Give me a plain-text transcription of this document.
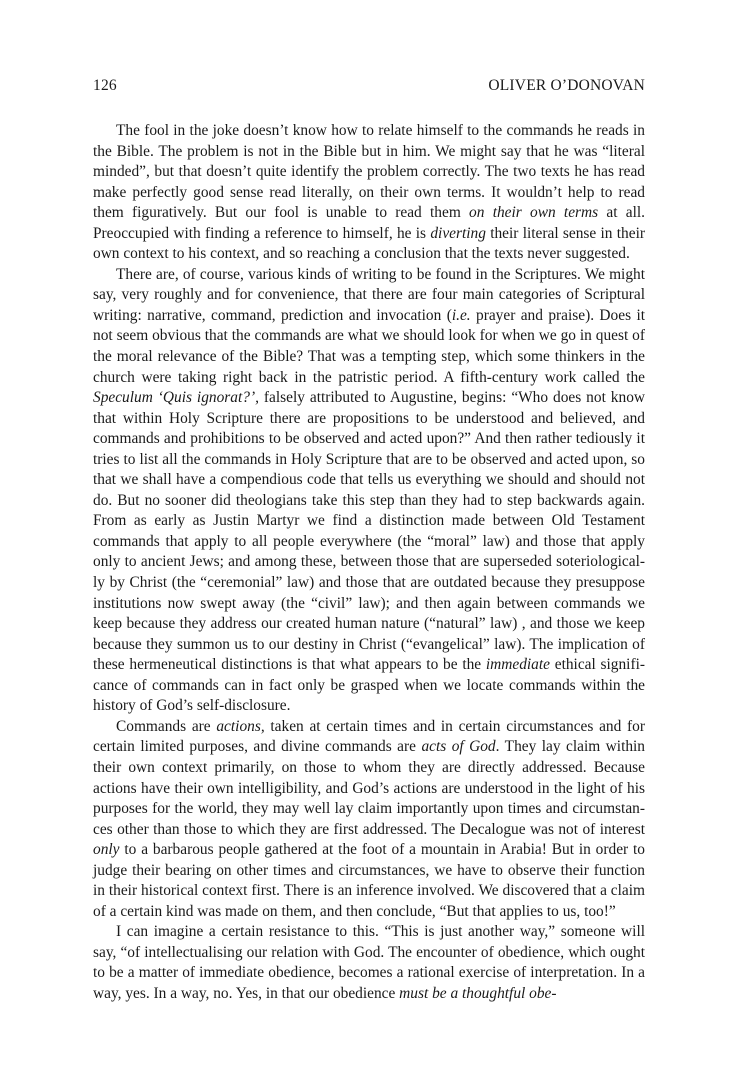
126	OLIVER O’DONOVAN

The fool in the joke doesn’t know how to relate himself to the commands he reads in the Bible. The problem is not in the Bible but in him. We might say that he was “literal minded”, but that doesn’t quite identify the problem correctly. The two texts he has read make perfectly good sense read literally, on their own terms. It wouldn’t help to read them figuratively. But our fool is unable to read them on their own terms at all. Preoccupied with finding a reference to himself, he is diverting their literal sense in their own context to his context, and so reaching a conclusion that the texts never suggested.

There are, of course, various kinds of writing to be found in the Scriptures. We might say, very roughly and for convenience, that there are four main categories of Scriptural writing: narrative, command, prediction and invocation (i.e. prayer and praise). Does it not seem obvious that the commands are what we should look for when we go in quest of the moral relevance of the Bible? That was a tempting step, which some thinkers in the church were taking right back in the patristic period. A fifth-century work called the Speculum ‘Quis ignorat?’, falsely attributed to Augustine, begins: “Who does not know that within Holy Scripture there are propositions to be understood and believed, and commands and prohibitions to be observed and acted upon?” And then rather tediously it tries to list all the commands in Holy Scripture that are to be observed and acted upon, so that we shall have a compendious code that tells us everything we should and should not do. But no sooner did theologians take this step than they had to step backwards again. From as early as Justin Martyr we find a distinction made between Old Testament commands that apply to all people everywhere (the “moral” law) and those that apply only to ancient Jews; and among these, between those that are superseded soteriologically by Christ (the “ceremonial” law) and those that are outdated because they presuppose institutions now swept away (the “civil” law); and then again between commands we keep because they address our created human nature (“natural” law) , and those we keep because they summon us to our destiny in Christ (“evangelical” law). The implication of these hermeneutical distinctions is that what appears to be the immediate ethical significance of commands can in fact only be grasped when we locate commands within the history of God’s self-disclosure.

Commands are actions, taken at certain times and in certain circumstances and for certain limited purposes, and divine commands are acts of God. They lay claim within their own context primarily, on those to whom they are directly addressed. Because actions have their own intelligibility, and God’s actions are understood in the light of his purposes for the world, they may well lay claim importantly upon times and circumstances other than those to which they are first addressed. The Decalogue was not of interest only to a barbarous people gathered at the foot of a mountain in Arabia! But in order to judge their bearing on other times and circumstances, we have to observe their function in their historical context first. There is an inference involved. We discovered that a claim of a certain kind was made on them, and then conclude, “But that applies to us, too!”

I can imagine a certain resistance to this. “This is just another way,” someone will say, “of intellectualising our relation with God. The encounter of obedience, which ought to be a matter of immediate obedience, becomes a rational exercise of interpretation. In a way, yes. In a way, no. Yes, in that our obedience must be a thoughtful obe-
